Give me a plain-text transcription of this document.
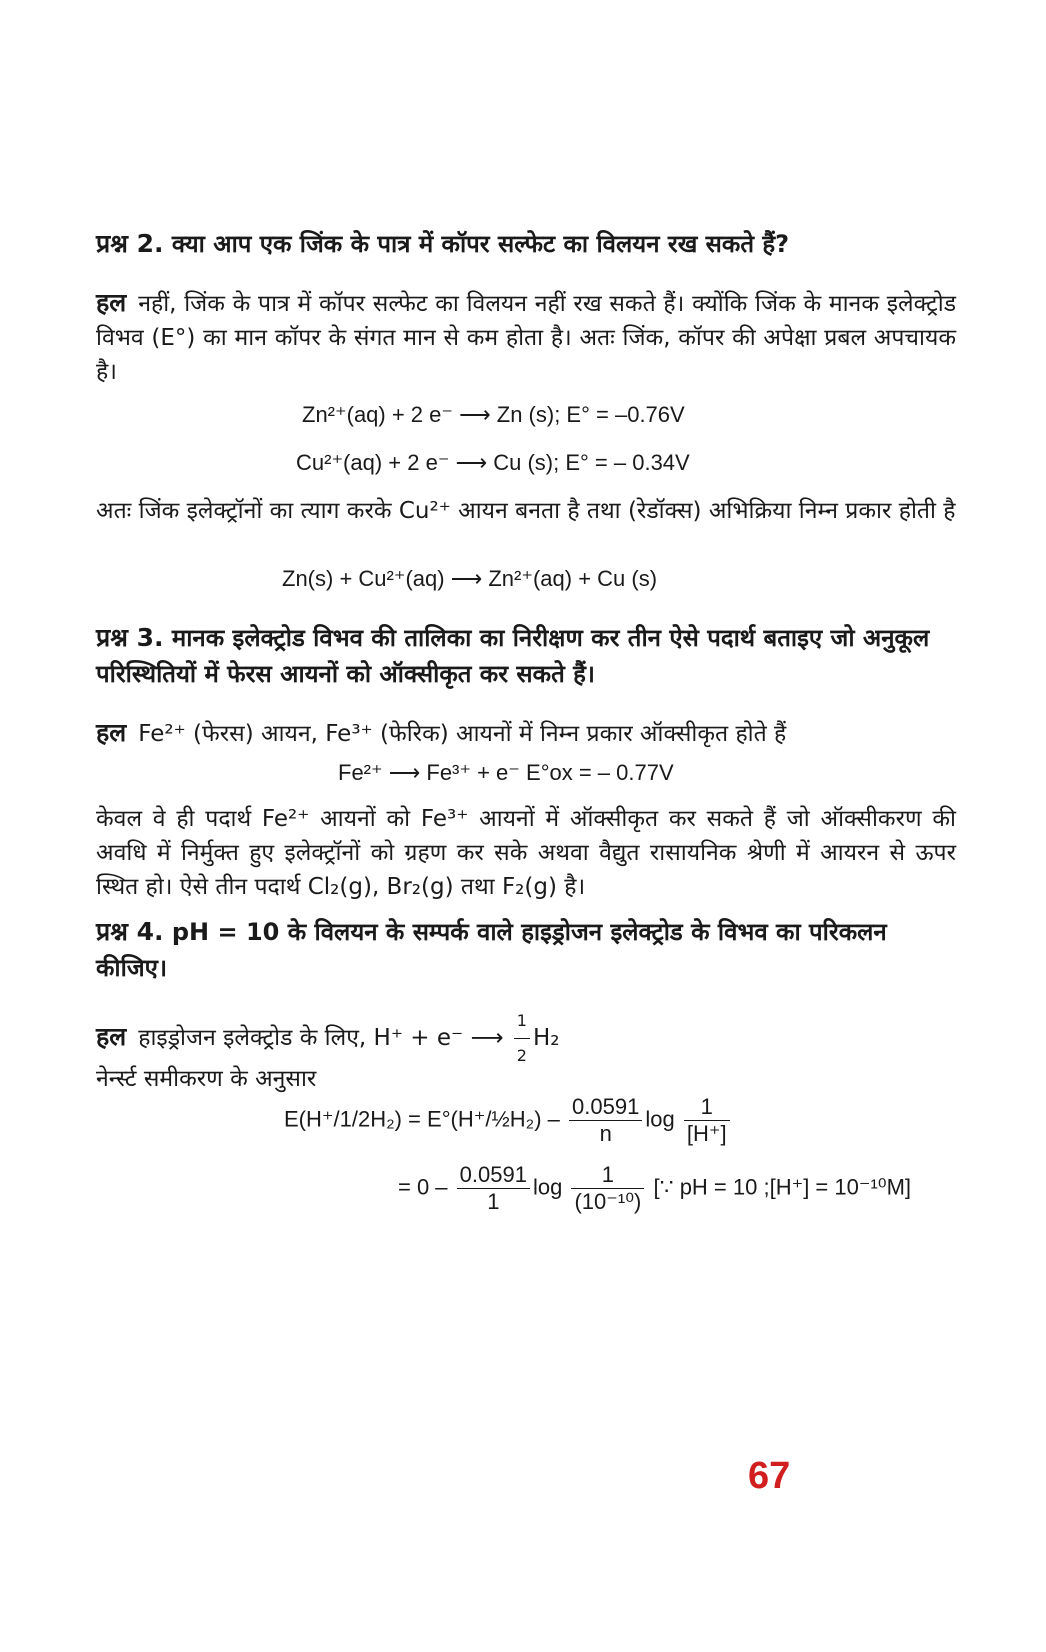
प्रश्न 2. क्या आप एक जिंक के पात्र में कॉपर सल्फेट का विलयन रख सकते हैं?
हल नहीं, जिंक के पात्र में कॉपर सल्फेट का विलयन नहीं रख सकते हैं। क्योंकि जिंक के मानक इलेक्ट्रोड विभव (E°) का मान कॉपर के संगत मान से कम होता है। अतः जिंक, कॉपर की अपेक्षा प्रबल अपचायक है।
Zn²⁺(aq) + 2 e⁻ ⟶ Zn (s); E° = –0.76V
Cu²⁺(aq) + 2 e⁻ ⟶ Cu (s); E° = – 0.34V
अतः जिंक इलेक्ट्रॉनों का त्याग करके Cu²⁺ आयन बनता है तथा (रेडॉक्स) अभिक्रिया निम्न प्रकार होती है
Zn(s) + Cu²⁺(aq) ⟶ Zn²⁺(aq) + Cu (s)
प्रश्न 3. मानक इलेक्ट्रोड विभव की तालिका का निरीक्षण कर तीन ऐसे पदार्थ बताइए जो अनुकूल परिस्थितियों में फेरस आयनों को ऑक्सीकृत कर सकते हैं।
हल Fe²⁺ (फेरस) आयन, Fe³⁺ (फेरिक) आयनों में निम्न प्रकार ऑक्सीकृत होते हैं
Fe²⁺ ⟶ Fe³⁺ + e⁻ E°ox = – 0.77V
केवल वे ही पदार्थ Fe²⁺ आयनों को Fe³⁺ आयनों में ऑक्सीकृत कर सकते हैं जो ऑक्सीकरण की अवधि में निर्मुक्त हुए इलेक्ट्रॉनों को ग्रहण कर सके अथवा वैद्युत रासायनिक श्रेणी में आयरन से ऊपर स्थित हो। ऐसे तीन पदार्थ Cl₂(g), Br₂(g) तथा F₂(g) है।
प्रश्न 4. pH = 10 के विलयन के सम्पर्क वाले हाइड्रोजन इलेक्ट्रोड के विभव का परिकलन कीजिए।
हल हाइड्रोजन इलेक्ट्रोड के लिए, H⁺ + e⁻ ⟶ $\frac{1}{2} H_2$
नेर्न्स्ट समीकरण के अनुसार
E(H⁺/1/2H₂) = E°(H⁺/½H₂) – $\frac{0.0591}{n}$ $\log \frac{1}{[H^+]}$
= $0 - \frac{0.0591}{1}$ $\log \frac{1}{\text{(10⁻¹⁰)}}$ [∵ pH = 10 ;[H⁺] = 10⁻¹⁰M]
67
